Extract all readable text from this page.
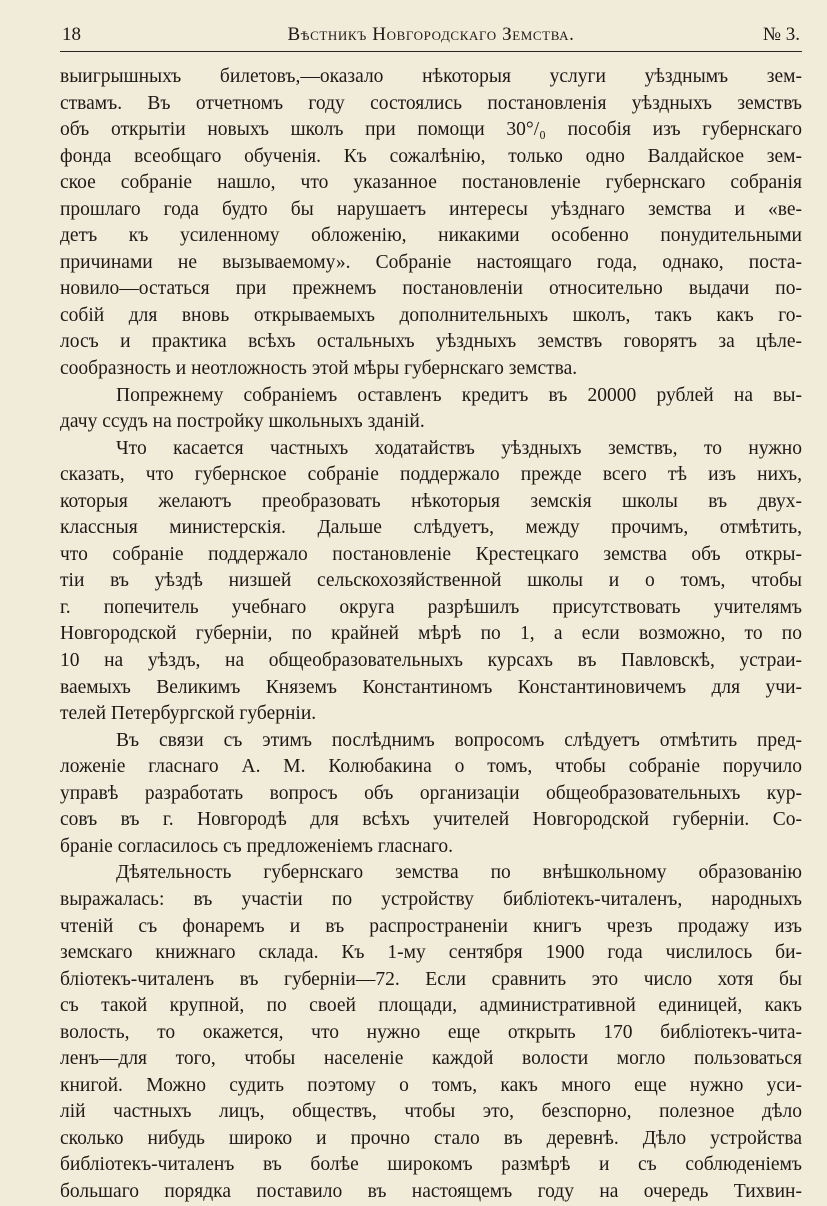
18	Вѣстникъ Новгородскаго Земства.	№ 3.
выигрышныхъ билетовъ,—оказало нѣкоторыя услуги уѣзднымъ зем-
ствамъ. Въ отчетномъ году состоялись постановленія уѣздныхъ земствъ
объ открытіи новыхъ школъ при помощи 30°/₀ пособія изъ губернскаго
фонда всеобщаго обученія. Къ сожалѣнію, только одно Валдайское зем-
ское собраніе нашло, что указанное постановленіе губернскаго собранія
прошлаго года будто бы нарушаетъ интересы уѣзднаго земства и «ве-
детъ къ усиленному обложенію, никакими особенно понудительными
причинами не вызываемому». Собраніе настоящаго года, однако, поста-
новило—остаться при прежнемъ постановленіи относительно выдачи по-
собій для вновь открываемыхъ дополнительныхъ школъ, такъ какъ го-
лосъ и практика всѣхъ остальныхъ уѣздныхъ земствъ говорятъ за цѣле-
сообразность и неотложность этой мѣры губернскаго земства.
Попрежнему собраніемъ оставленъ кредитъ въ 20000 рублей на вы-
дачу ссудъ на постройку школьныхъ зданій.
Что касается частныхъ ходатайствъ уѣздныхъ земствъ, то нужно
сказать, что губернское собраніе поддержало прежде всего тѣ изъ нихъ,
которыя желаютъ преобразовать нѣкоторыя земскія школы въ двух-
классныя министерскія. Дальше слѣдуетъ, между прочимъ, отмѣтить,
что собраніе поддержало постановленіе Крестецкаго земства объ откры-
тіи въ уѣздѣ низшей сельскохозяйственной школы и о томъ, чтобы
г. попечитель учебнаго округа разрѣшилъ присутствовать учителямъ
Новгородской губерніи, по крайней мѣрѣ по 1, а если возможно, то по
10 на уѣздъ, на общеобразовательныхъ курсахъ въ Павловскѣ, устраи-
ваемыхъ Великимъ Княземъ Константиномъ Константиновичемъ для учи-
телей Петербургской губерніи.
Въ связи съ этимъ послѣднимъ вопросомъ слѣдуетъ отмѣтить пред-
ложеніе гласнаго А. М. Колюбакина о томъ, чтобы собраніе поручило
управѣ разработать вопросъ объ организаціи общеобразовательныхъ кур-
совъ въ г. Новгородѣ для всѣхъ учителей Новгородской губерніи. Со-
браніе согласилось съ предложеніемъ гласнаго.
Дѣятельность губернскаго земства по внѣшкольному образованію
выражалась: въ участіи по устройству библіотекъ-читаленъ, народныхъ
чтеній съ фонаремъ и въ распространеніи книгъ чрезъ продажу изъ
земскаго книжнаго склада. Къ 1-му сентября 1900 года числилось би-
бліотекъ-читаленъ въ губерніи—72. Если сравнить это число хотя бы
съ такой крупной, по своей площади, административной единицей, какъ
волость, то окажется, что нужно еще открыть 170 библіотекъ-чита-
ленъ—для того, чтобы населеніе каждой волости могло пользоваться
книгой. Можно судить поэтому о томъ, какъ много еще нужно уси-
лій частныхъ лицъ, обществъ, чтобы это, безспорно, полезное дѣло
сколько нибудь широко и прочно стало въ деревнѣ. Дѣло устройства
библіотекъ-читаленъ въ болѣе широкомъ размѣрѣ и съ соблюденіемъ
большаго порядка поставило въ настоящемъ году на очередь Тихвин-
